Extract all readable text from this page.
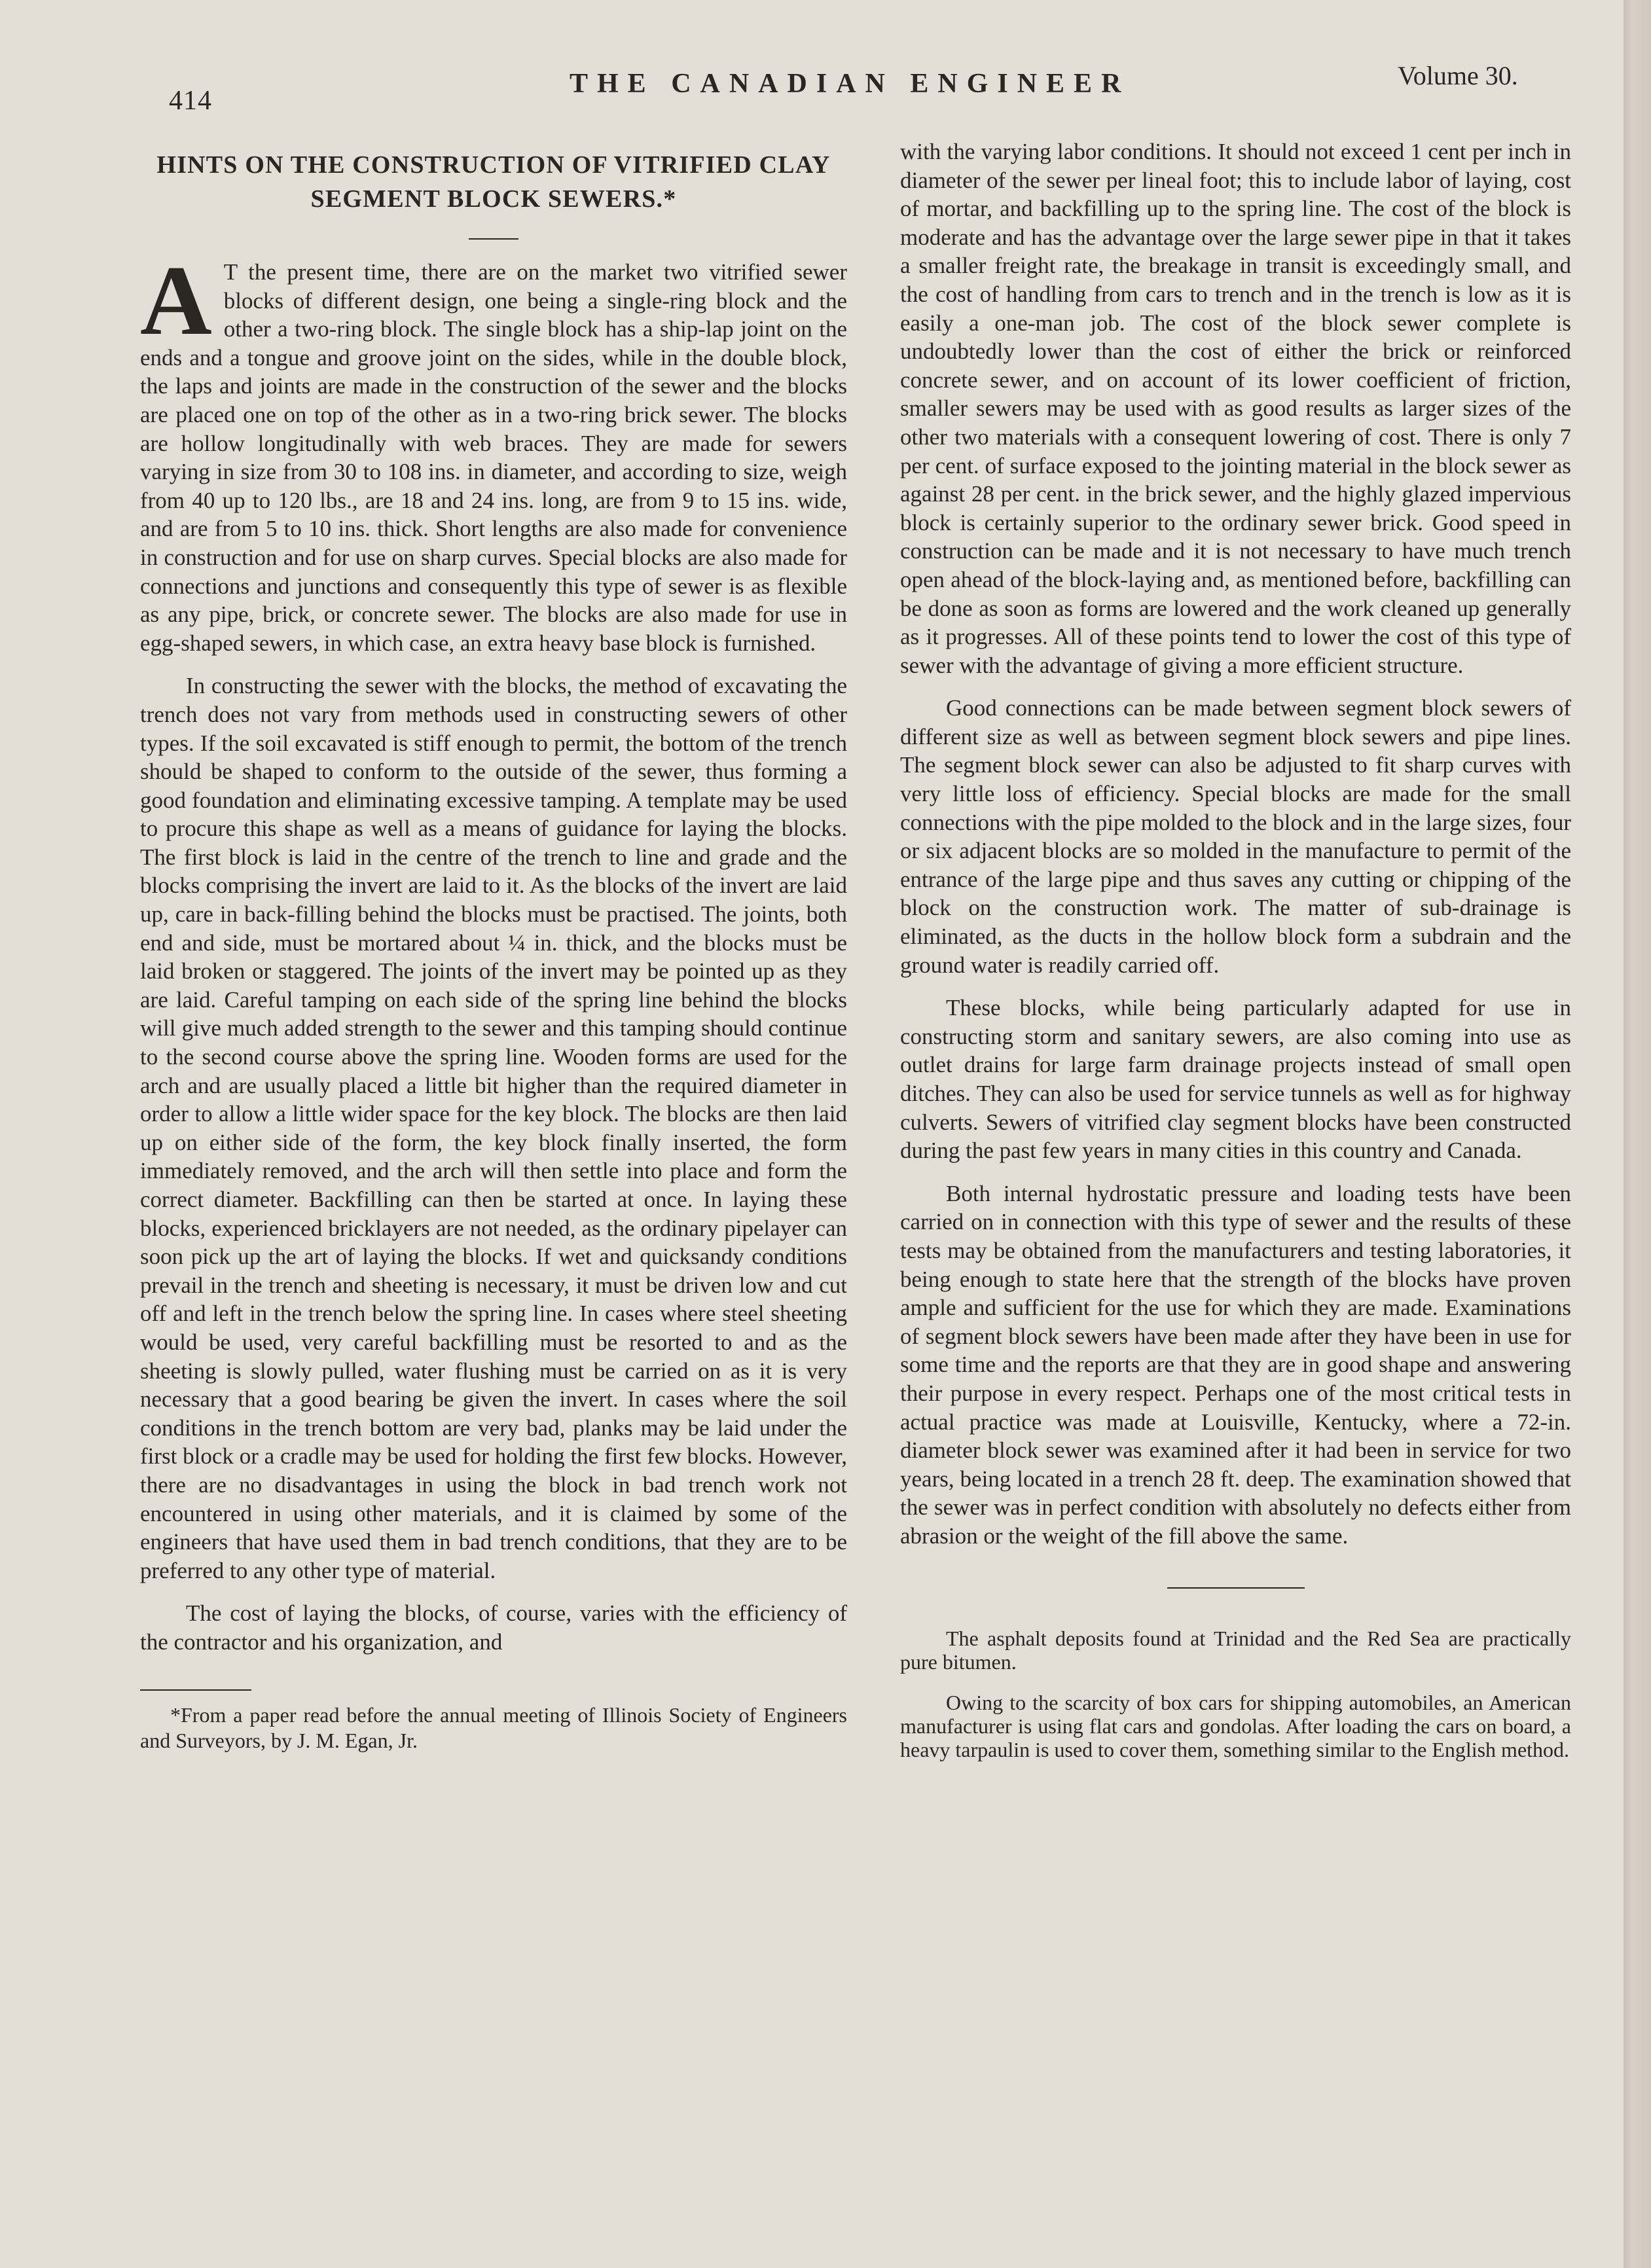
414
THE CANADIAN ENGINEER	Volume 30.
HINTS ON THE CONSTRUCTION OF VITRIFIED CLAY SEGMENT BLOCK SEWERS.*

A T the present time, there are on the market two vitrified sewer blocks of different design, one being a single-ring block and the other a two-ring block. The single block has a ship-lap joint on the ends and a tongue and groove joint on the sides, while in the double block, the laps and joints are made in the construction of the sewer and the blocks are placed one on top of the other as in a two-ring brick sewer. The blocks are hollow longitudinally with web braces. They are made for sewers varying in size from 30 to 108 ins. in diameter, and according to size, weigh from 40 up to 120 lbs., are 18 and 24 ins. long, are from 9 to 15 ins. wide, and are from 5 to 10 ins. thick. Short lengths are also made for convenience in construction and for use on sharp curves. Special blocks are also made for connections and junctions and consequently this type of sewer is as flexible as any pipe, brick, or concrete sewer. The blocks are also made for use in egg-shaped sewers, in which case, an extra heavy base block is furnished.

In constructing the sewer with the blocks, the method of excavating the trench does not vary from methods used in constructing sewers of other types. If the soil excavated is stiff enough to permit, the bottom of the trench should be shaped to conform to the outside of the sewer, thus forming a good foundation and eliminating excessive tamping. A template may be used to procure this shape as well as a means of guidance for laying the blocks. The first block is laid in the centre of the trench to line and grade and the blocks comprising the invert are laid to it. As the blocks of the invert are laid up, care in back-filling behind the blocks must be practised. The joints, both end and side, must be mortared about ¼ in. thick, and the blocks must be laid broken or staggered. The joints of the invert may be pointed up as they are laid. Careful tamping on each side of the spring line behind the blocks will give much added strength to the sewer and this tamping should continue to the second course above the spring line. Wooden forms are used for the arch and are usually placed a little bit higher than the required diameter in order to allow a little wider space for the key block. The blocks are then laid up on either side of the form, the key block finally inserted, the form immediately removed, and the arch will then settle into place and form the correct diameter. Backfilling can then be started at once. In laying these blocks, experienced bricklayers are not needed, as the ordinary pipelayer can soon pick up the art of laying the blocks. If wet and quicksandy conditions prevail in the trench and sheeting is necessary, it must be driven low and cut off and left in the trench below the spring line. In cases where steel sheeting would be used, very careful backfilling must be resorted to and as the sheeting is slowly pulled, water flushing must be carried on as it is very necessary that a good bearing be given the invert. In cases where the soil conditions in the trench bottom are very bad, planks may be laid under the first block or a cradle may be used for holding the first few blocks. However, there are no disadvantages in using the block in bad trench work not encountered in using other materials, and it is claimed by some of the engineers that have used them in bad trench conditions, that they are to be preferred to any other type of material.

The cost of laying the blocks, of course, varies with the efficiency of the contractor and his organization, and

*From a paper read before the annual meeting of Illinois Society of Engineers and Surveyors, by J. M. Egan, Jr.

with the varying labor conditions. It should not exceed 1 cent per inch in diameter of the sewer per lineal foot; this to include labor of laying, cost of mortar, and backfilling up to the spring line. The cost of the block is moderate and has the advantage over the large sewer pipe in that it takes a smaller freight rate, the breakage in transit is exceedingly small, and the cost of handling from cars to trench and in the trench is low as it is easily a one-man job. The cost of the block sewer complete is undoubtedly lower than the cost of either the brick or reinforced concrete sewer, and on account of its lower coefficient of friction, smaller sewers may be used with as good results as larger sizes of the other two materials with a consequent lowering of cost. There is only 7 per cent. of surface exposed to the jointing material in the block sewer as against 28 per cent. in the brick sewer, and the highly glazed impervious block is certainly superior to the ordinary sewer brick. Good speed in construction can be made and it is not necessary to have much trench open ahead of the block-laying and, as mentioned before, backfilling can be done as soon as forms are lowered and the work cleaned up generally as it progresses. All of these points tend to lower the cost of this type of sewer with the advantage of giving a more efficient structure.

Good connections can be made between segment block sewers of different size as well as between segment block sewers and pipe lines. The segment block sewer can also be adjusted to fit sharp curves with very little loss of efficiency. Special blocks are made for the small connections with the pipe molded to the block and in the large sizes, four or six adjacent blocks are so molded in the manufacture to permit of the entrance of the large pipe and thus saves any cutting or chipping of the block on the construction work. The matter of sub-drainage is eliminated, as the ducts in the hollow block form a subdrain and the ground water is readily carried off.

These blocks, while being particularly adapted for use in constructing storm and sanitary sewers, are also coming into use as outlet drains for large farm drainage projects instead of small open ditches. They can also be used for service tunnels as well as for highway culverts. Sewers of vitrified clay segment blocks have been constructed during the past few years in many cities in this country and Canada.

Both internal hydrostatic pressure and loading tests have been carried on in connection with this type of sewer and the results of these tests may be obtained from the manufacturers and testing laboratories, it being enough to state here that the strength of the blocks have proven ample and sufficient for the use for which they are made. Examinations of segment block sewers have been made after they have been in use for some time and the reports are that they are in good shape and answering their purpose in every respect. Perhaps one of the most critical tests in actual practice was made at Louisville, Kentucky, where a 72-in. diameter block sewer was examined after it had been in service for two years, being located in a trench 28 ft. deep. The examination showed that the sewer was in perfect condition with absolutely no defects either from abrasion or the weight of the fill above the same.

The asphalt deposits found at Trinidad and the Red Sea are practically pure bitumen.

Owing to the scarcity of box cars for shipping automobiles, an American manufacturer is using flat cars and gondolas. After loading the cars on board, a heavy tarpaulin is used to cover them, something similar to the English method.
